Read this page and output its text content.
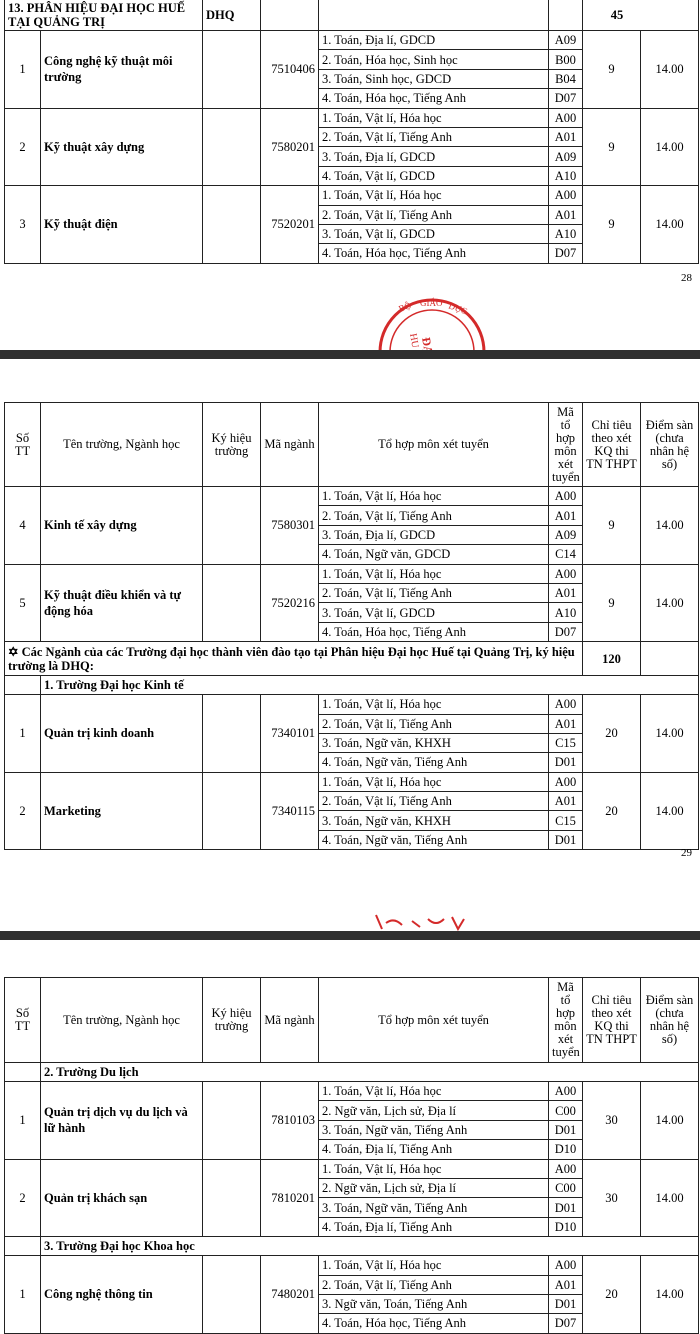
13. PHÂN HIỆU ĐẠI HỌC HUẾ TẠI QUẢNG TRỊ		DHQ				45	
1	Công nghệ kỹ thuật môi trường		7510406	1. Toán, Địa lí, GDCD	A09	9	14.00
				2. Toán, Hóa học, Sinh học	B00		
				3. Toán, Sinh học, GDCD	B04		
				4. Toán, Hóa học, Tiếng Anh	D07		
2	Kỹ thuật xây dựng		7580201	1. Toán, Vật lí, Hóa học	A00	9	14.00
				2. Toán, Vật lí, Tiếng Anh	A01		
				3. Toán, Địa lí, GDCD	A09		
				4. Toán, Vật lí, GDCD	A10		
3	Kỹ thuật điện		7520201	1. Toán, Vật lí, Hóa học	A00	9	14.00
				2. Toán, Vật lí, Tiếng Anh	A01		
				3. Toán, Vật lí, GDCD	A10		
				4. Toán, Hóa học, Tiếng Anh	D07		
28
BỘ GIÁO DỤC
HU
Số TT	Tên trường, Ngành học	Ký hiệu trường	Mã ngành	Tổ hợp môn xét tuyển	Mã tổ hợp môn xét tuyển	Chỉ tiêu theo xét KQ thi TN THPT	Điểm sàn (chưa nhân hệ số)
4	Kinh tế xây dựng		7580301	1. Toán, Vật lí, Hóa học	A00	9	14.00
				2. Toán, Vật lí, Tiếng Anh	A01		
				3. Toán, Địa lí, GDCD	A09		
				4. Toán, Ngữ văn, GDCD	C14		
5	Kỹ thuật điều khiển và tự động hóa		7520216	1. Toán, Vật lí, Hóa học	A00	9	14.00
				2. Toán, Vật lí, Tiếng Anh	A01		
				3. Toán, Vật lí, GDCD	A10		
				4. Toán, Hóa học, Tiếng Anh	D07		
✡ Các Ngành của các Trường đại học thành viên đào tạo tại Phân hiệu Đại học Huế tại Quảng Trị, ký hiệu trường là DHQ:						120	
	1. Trường Đại học Kinh tế						
1	Quản trị kinh doanh		7340101	1. Toán, Vật lí, Hóa học	A00	20	14.00
				2. Toán, Vật lí, Tiếng Anh	A01		
				3. Toán, Ngữ văn, KHXH	C15		
				4. Toán, Ngữ văn, Tiếng Anh	D01		
2	Marketing		7340115	1. Toán, Vật lí, Hóa học	A00	20	14.00
				2. Toán, Vật lí, Tiếng Anh	A01		
				3. Toán, Ngữ văn, KHXH	C15		
				4. Toán, Ngữ văn, Tiếng Anh	D01		
29
Số TT	Tên trường, Ngành học	Ký hiệu trường	Mã ngành	Tổ hợp môn xét tuyển	Mã tổ hợp môn xét tuyển	Chỉ tiêu theo xét KQ thi TN THPT	Điểm sàn (chưa nhân hệ số)
	2. Trường Du lịch						
1	Quản trị dịch vụ du lịch và lữ hành		7810103	1. Toán, Vật lí, Hóa học	A00	30	14.00
				2. Ngữ văn, Lịch sử, Địa lí	C00		
				3. Toán, Ngữ văn, Tiếng Anh	D01		
				4. Toán, Địa lí, Tiếng Anh	D10		
2	Quản trị khách sạn		7810201	1. Toán, Vật lí, Hóa học	A00	30	14.00
				2. Ngữ văn, Lịch sử, Địa lí	C00		
				3. Toán, Ngữ văn, Tiếng Anh	D01		
				4. Toán, Địa lí, Tiếng Anh	D10		
	3. Trường Đại học Khoa học						
1	Công nghệ thông tin		7480201	1. Toán, Vật lí, Hóa học	A00	20	14.00
				2. Toán, Vật lí, Tiếng Anh	A01		
				3. Ngữ văn, Toán, Tiếng Anh	D01		
				4. Toán, Hóa học, Tiếng Anh	D07		
